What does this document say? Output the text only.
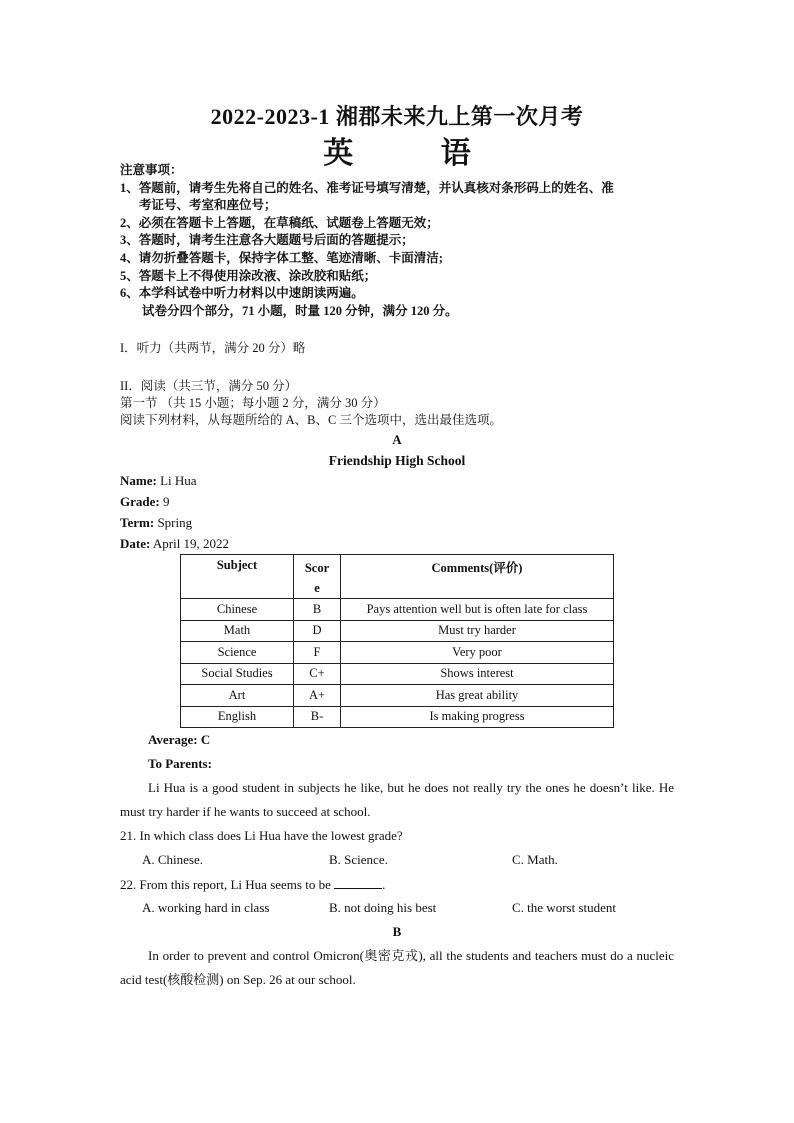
2022-2023-1 湘郡未来九上第一次月考
英 语
注意事项：
1、答题前，请考生先将自己的姓名、准考证号填写清楚，并认真核对条形码上的姓名、准
考证号、考室和座位号；
2、必须在答题卡上答题，在草稿纸、试题卷上答题无效；
3、答题时，请考生注意各大题题号后面的答题提示；
4、请勿折叠答题卡，保持字体工整、笔迹清晰、卡面清洁;
5、答题卡上不得使用涂改液、涂改胶和贴纸；
6、本学科试卷中听力材料以中速朗读两遍。
试卷分四个部分，71 小题，时量 120 分钟，满分 120 分。
I．听力（共两节，满分 20 分）略
II．阅读（共三节，满分 50 分）
第一节 （共 15 小题；每小题 2 分，满分 30 分）
阅读下列材料，从每题所给的 A、B、C 三个选项中，选出最佳选项。
A
Friendship High School
Name: Li Hua
Grade: 9
Term: Spring
Date: April 19, 2022
Subject	Score	Comments(评价)
Chinese	B	Pays attention well but is often late for class
Math	D	Must try harder
Science	F	Very poor
Social Studies	C+	Shows interest
Art	A+	Has great ability
English	B-	Is making progress
Average: C
To Parents:
Li Hua is a good student in subjects he like, but he does not really try the ones he doesn’t like. He must try harder if he wants to succeed at school.
21. In which class does Li Hua have the lowest grade?
A. Chinese.	B. Science.	C. Math.
22. From this report, Li Hua seems to be	.
A. working hard in class	B. not doing his best	C. the worst student
B
In order to prevent and control Omicron(奥密克戎), all the students and teachers must do a nucleic acid test(核酸检测) on Sep. 26 at our school.
